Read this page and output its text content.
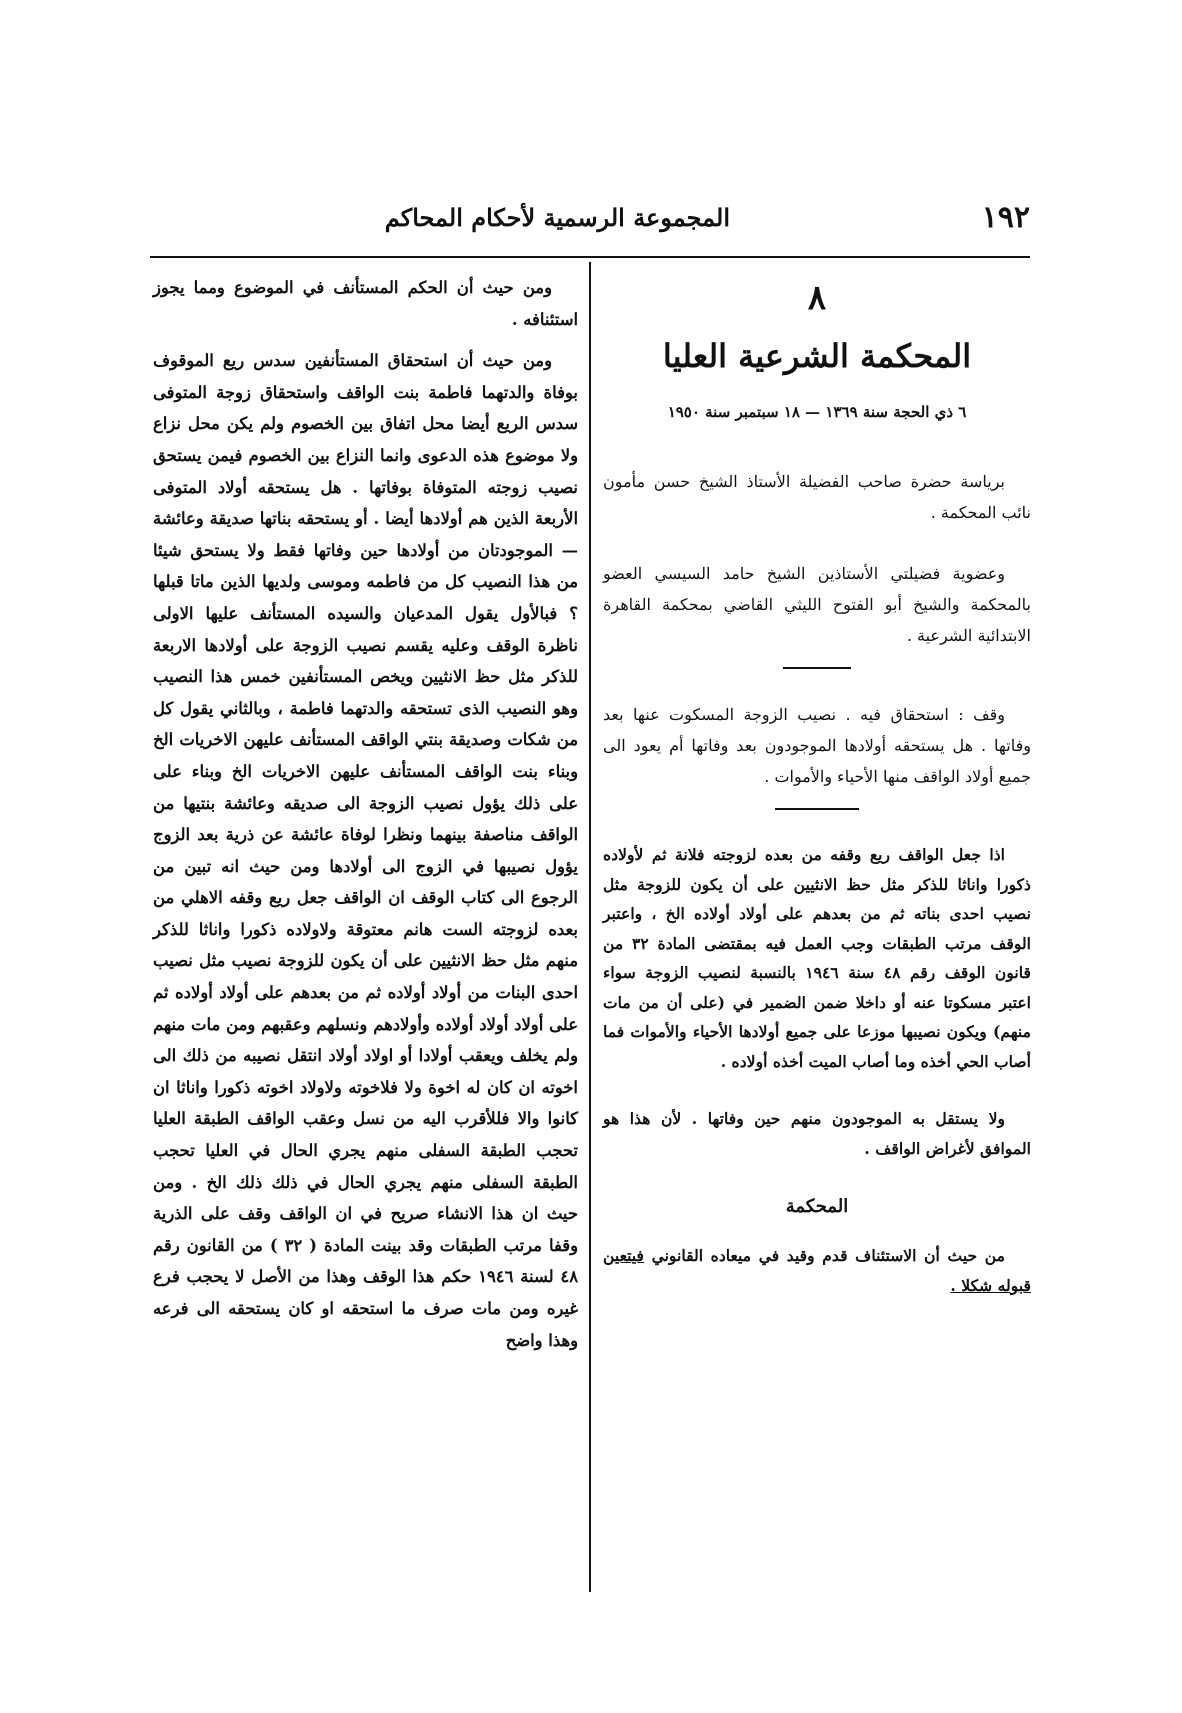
١٩٢
المجموعة الرسمية لأحكام المحاكم
٨
المحكمة الشرعية العليا
٦ ذي الحجة سنة ١٣٦٩ — ١٨ سبتمبر سنة ١٩٥٠

برياسة حضرة صاحب الفضيلة الأستاذ الشيخ حسن مأمون نائب المحكمة .

وعضوية فضيلتي الأستاذين الشيخ حامد السيسي العضو بالمحكمة والشيخ أبو الفتوح الليثي القاضي بمحكمة القاهرة الابتدائية الشرعية .

وقف : استحقاق فيه . نصيب الزوجة المسكوت عنها بعد وفاتها . هل يستحقه أولادها الموجودون بعد وفاتها أم يعود الى جميع أولاد الواقف منها الأحياء والأموات .

اذا جعل الواقف ريع وقفه من بعده لزوجته فلانة ثم لأولاده ذكورا واناثا للذكر مثل حظ الانثيين على أن يكون للزوجة مثل نصيب احدى بناته ثم من بعدهم على أولاد أولاده الخ ، واعتبر الوقف مرتب الطبقات وجب العمل فيه بمقتضى المادة ٣٢ من قانون الوقف رقم ٤٨ سنة ١٩٤٦ بالنسبة لنصيب الزوجة سواء اعتبر مسكوتا عنه أو داخلا ضمن الضمير في (على أن من مات منهم) ويكون نصيبها موزعا على جميع أولادها الأحياء والأموات فما أصاب الحي أخذه وما أصاب الميت أخذه أولاده .

ولا يستقل به الموجودون منهم حين وفاتها . لأن هذا هو الموافق لأغراض الواقف .

المحكمة

من حيث أن الاستئناف قدم وقيد في ميعاده القانوني فيتعين قبوله شكلا .

ومن حيث أن الحكم المستأنف في الموضوع ومما يجوز استئنافه .

ومن حيث أن استحقاق المستأنفين سدس ريع الموقوف بوفاة والدتهما فاطمة بنت الواقف واستحقاق زوجة المتوفى سدس الريع أيضا محل اتفاق بين الخصوم ولم يكن محل نزاع ولا موضوع هذه الدعوى وانما النزاع بين الخصوم فيمن يستحق نصيب زوجته المتوفاة بوفاتها . هل يستحقه أولاد المتوفى الأربعة الذين هم أولادها أيضا . أو يستحقه بناتها صديقة وعائشة — الموجودتان من أولادها حين وفاتها فقط ولا يستحق شيئا من هذا النصيب كل من فاطمه وموسى ولديها الذين ماتا قبلها ؟ فبالأول يقول المدعيان والسيده المستأنف عليها الاولى ناظرة الوقف وعليه يقسم نصيب الزوجة على أولادها الاربعة للذكر مثل حظ الانثيين ويخص المستأنفين خمس هذا النصيب وهو النصيب الذى تستحقه والدتهما فاطمة ، وبالثاني يقول كل من شكات وصديقة بنتي الواقف المستأنف عليهن الاخريات الخ وبناء بنت الواقف المستأنف عليهن الاخريات الخ وبناء على على ذلك يؤول نصيب الزوجة الى صديقه وعائشة بنتيها من الواقف مناصفة بينهما ونظرا لوفاة عائشة عن ذرية بعد الزوج يؤول نصيبها في الزوج الى أولادها ومن حيث انه تبين من الرجوع الى كتاب الوقف ان الواقف جعل ريع وقفه الاهلي من بعده لزوجته الست هانم معتوقة ولاولاده ذكورا واناثا للذكر منهم مثل حظ الانثيين على أن يكون للزوجة نصيب مثل نصيب احدى البنات من أولاد أولاده ثم من بعدهم على أولاد أولاده ثم على أولاد أولاد أولاده وأولادهم ونسلهم وعقبهم ومن مات منهم ولم يخلف ويعقب أولادا أو اولاد أولاد انتقل نصيبه من ذلك الى اخوته ان كان له اخوة ولا فلاخوته ولاولاد اخوته ذكورا واناثا ان كانوا والا فللأقرب اليه من نسل وعقب الواقف الطبقة العليا تحجب الطبقة السفلى منهم يجري الحال في العليا تحجب الطبقة السفلى منهم يجري الحال في ذلك ذلك الخ . ومن حيث ان هذا الانشاء صريح في ان الواقف وقف على الذرية وقفا مرتب الطبقات وقد بينت المادة ( ٣٢ ) من القانون رقم ٤٨ لسنة ١٩٤٦ حكم هذا الوقف وهذا من الأصل لا يحجب فرع غيره ومن مات صرف ما استحقه او كان يستحقه الى فرعه وهذا واضح
